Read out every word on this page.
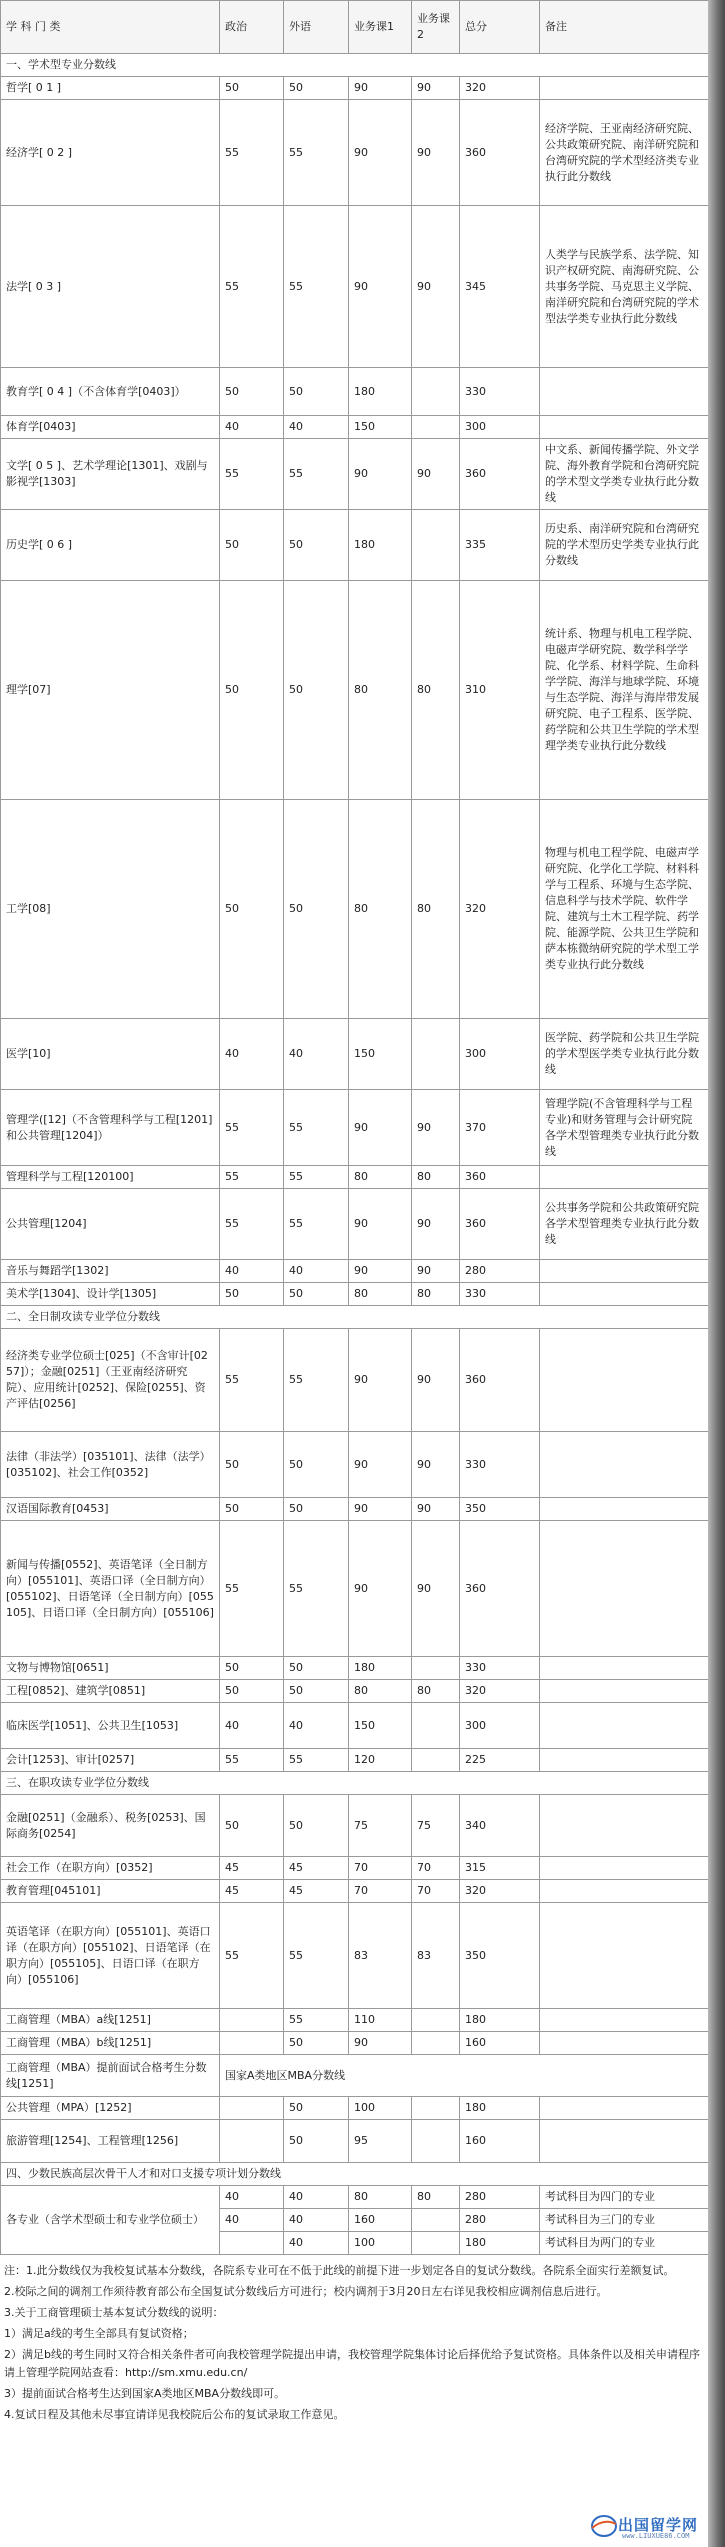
学 科 门 类	政治	外语	业务课1	业务课2	总分	备注
一、学术型专业分数线						
哲学[ 0 1 ]	50	50	90	90	320	
经济学[ 0 2 ]	55	55	90	90	360	经济学院、王亚南经济研究院、公共政策研究院、南洋研究院和台湾研究院的学术型经济类专业执行此分数线
法学[ 0 3 ]	55	55	90	90	345	人类学与民族学系、法学院、知识产权研究院、南海研究院、公共事务学院、马克思主义学院、南洋研究院和台湾研究院的学术型法学类专业执行此分数线
教育学[ 0 4 ]（不含体育学[0403]）	50	50	180		330	
体育学[0403]	40	40	150		300	
文学[ 0 5 ]、艺术学理论[1301]、戏剧与影视学[1303]	55	55	90	90	360	中文系、新闻传播学院、外文学院、海外教育学院和台湾研究院的学术型文学类专业执行此分数线
历史学[ 0 6 ]	50	50	180		335	历史系、南洋研究院和台湾研究院的学术型历史学类专业执行此分数线
理学[07]	50	50	80	80	310	统计系、物理与机电工程学院、电磁声学研究院、数学科学学院、化学系、材料学院、生命科学学院、海洋与地球学院、环境与生态学院、海洋与海岸带发展研究院、电子工程系、医学院、药学院和公共卫生学院的学术型理学类专业执行此分数线
工学[08]	50	50	80	80	320	物理与机电工程学院、电磁声学研究院、化学化工学院、材料科学与工程系、环境与生态学院、信息科学与技术学院、软件学院、建筑与土木工程学院、药学院、能源学院、公共卫生学院和萨本栋微纳研究院的学术型工学类专业执行此分数线
医学[10]	40	40	150		300	医学院、药学院和公共卫生学院的学术型医学类专业执行此分数线
管理学([12]（不含管理科学与工程[1201]和公共管理[1204]）	55	55	90	90	370	管理学院(不含管理科学与工程专业)和财务管理与会计研究院各学术型管理类专业执行此分数线
管理科学与工程[120100]	55	55	80	80	360	
公共管理[1204]	55	55	90	90	360	公共事务学院和公共政策研究院各学术型管理类专业执行此分数线
音乐与舞蹈学[1302]	40	40	90	90	280	
美术学[1304]、设计学[1305]	50	50	80	80	330	
二、全日制攻读专业学位分数线						
经济类专业学位硕士[025]（不含审计[0257]）；金融[0251]（王亚南经济研究院）、应用统计[0252]、保险[0255]、资产评估[0256]	55	55	90	90	360	
法律（非法学）[035101]、法律（法学）[035102]、社会工作[0352]	50	50	90	90	330	
汉语国际教育[0453]	50	50	90	90	350	
新闻与传播[0552]、英语笔译（全日制方向）[055101]、英语口译（全日制方向）[055102]、日语笔译（全日制方向）[055105]、日语口译（全日制方向）[055106]	55	55	90	90	360	
文物与博物馆[0651]	50	50	180		330	
工程[0852]、建筑学[0851]	50	50	80	80	320	
临床医学[1051]、公共卫生[1053]	40	40	150		300	
会计[1253]、审计[0257]	55	55	120		225	
三、在职攻读专业学位分数线						
金融[0251]（金融系）、税务[0253]、国际商务[0254]	50	50	75	75	340	
社会工作（在职方向）[0352]	45	45	70	70	315	
教育管理[045101]	45	45	70	70	320	
英语笔译（在职方向）[055101]、英语口译（在职方向）[055102]、日语笔译（在职方向）[055105]、日语口译（在职方向）[055106]	55	55	83	83	350	
工商管理（MBA）a线[1251]		55	110		180	
工商管理（MBA）b线[1251]		50	90		160	
工商管理（MBA）提前面试合格考生分数线[1251]	国家A类地区MBA分数线					
公共管理（MPA）[1252]		50	100		180	
旅游管理[1254]、工程管理[1256]		50	95		160	
四、少数民族高层次骨干人才和对口支援专项计划分数线						
各专业（含学术型硕士和专业学位硕士）	40	40	80	80	280	考试科目为四门的专业
	40	40	160		280	考试科目为三门的专业
		40	100		180	考试科目为两门的专业

注：1.此分数线仅为我校复试基本分数线，各院系专业可在不低于此线的前提下进一步划定各自的复试分数线。各院系全面实行差额复试。

2.校际之间的调剂工作须待教育部公布全国复试分数线后方可进行；校内调剂于3月20日左右详见我校相应调剂信息后进行。

3.关于工商管理硕士基本复试分数线的说明：

1）满足a线的考生全部具有复试资格；

2）满足b线的考生同时又符合相关条件者可向我校管理学院提出申请，我校管理学院集体讨论后择优给予复试资格。具体条件以及相关申请程序请上管理学院网站查看：http://sm.xmu.edu.cn/

3）提前面试合格考生达到国家A类地区MBA分数线即可。

4.复试日程及其他未尽事宜请详见我校院后公布的复试录取工作意见。

出国留学网
www.LIUXUE86.COM
